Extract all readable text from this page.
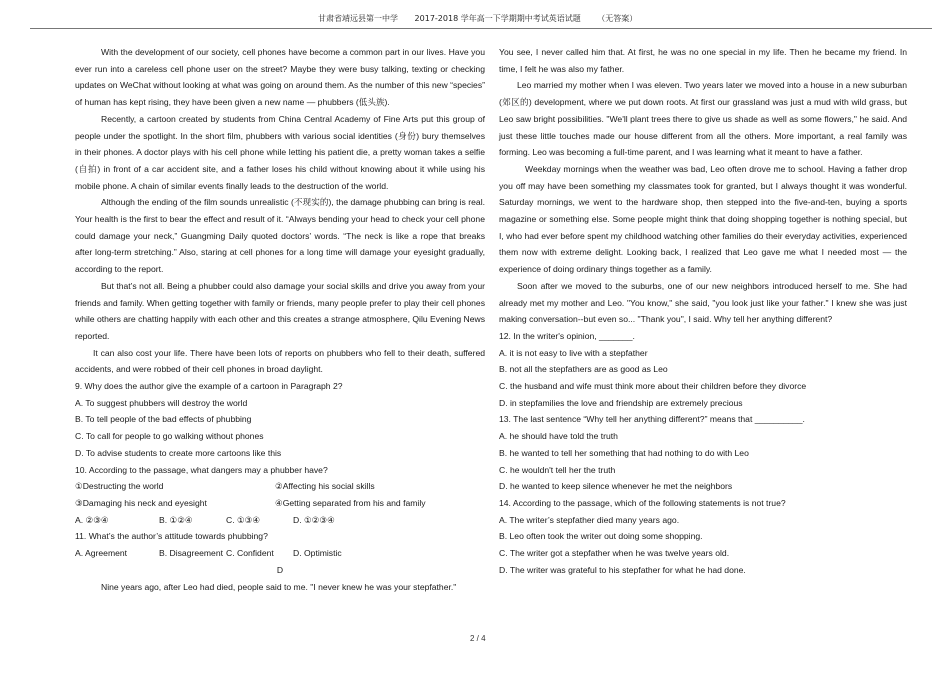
甘肃省靖远县第一中学 2017-2018 学年高一下学期期中考试英语试题 （无答案）

With the development of our society, cell phones have become a common part in our lives. Have you ever run into a careless cell phone user on the street? Maybe they were busy talking, texting or checking updates on WeChat without looking at what was going on around them. As the number of this new “species” of human has kept rising, they have been given a new name — phubbers (低头族).

Recently, a cartoon created by students from China Central Academy of Fine Arts put this group of people under the spotlight. In the short film, phubbers with various social identities (身份) bury themselves in their phones. A doctor plays with his cell phone while letting his patient die, a pretty woman takes a selfie (自拍) in front of a car accident site, and a father loses his child without knowing about it while using his mobile phone. A chain of similar events finally leads to the destruction of the world.

Although the ending of the film sounds unrealistic (不现实的), the damage phubbing can bring is real. Your health is the first to bear the effect and result of it. “Always bending your head to check your cell phone could damage your neck,” Guangming Daily quoted doctors’ words. “The neck is like a rope that breaks after long-term stretching.” Also, staring at cell phones for a long time will damage your eyesight gradually, according to the report.

But that’s not all. Being a phubber could also damage your social skills and drive you away from your friends and family. When getting together with family or friends, many people prefer to play their cell phones while others are chatting happily with each other and this creates a strange atmosphere, Qilu Evening News reported.

It can also cost your life. There have been lots of reports on phubbers who fell to their death, suffered accidents, and were robbed of their cell phones in broad daylight.

9. Why does the author give the example of a cartoon in Paragraph 2?

A. To suggest phubbers will destroy the world

B. To tell people of the bad effects of phubbing

C. To call for people to go walking without phones

D. To advise students to create more cartoons like this

10. According to the passage, what dangers may a phubber have?

①Destructing the world	②Affecting his social skills
③Damaging his neck and eyesight	④Getting separated from his and family
A. ②③④	B. ①②④	C. ①③④	D. ①②③④

11. What’s the author’s attitude towards phubbing?

A. Agreement	B. Disagreement C. Confident	D. Optimistic

D

Nine years ago, after Leo had died, people said to me. "I never knew he was your stepfather."

You see, I never called him that. At first, he was no one special in my life. Then he became my friend. In time, I felt he was also my father.

Leo married my mother when I was eleven. Two years later we moved into a house in a new suburban (郊区的) development, where we put down roots. At first our grassland was just a mud with wild grass, but Leo saw bright possibilities. "We'll plant trees there to give us shade as well as some flowers," he said. And just these little touches made our house different from all the others. More important, a real family was forming. Leo was becoming a full-time parent, and I was learning what it meant to have a father.

Weekday mornings when the weather was bad, Leo often drove me to school. Having a father drop you off may have been something my classmates took for granted, but I always thought it was wonderful. Saturday mornings, we went to the hardware shop, then stepped into the five-and-ten, buying a sports magazine or something else. Some people might think that doing shopping together is nothing special, but I, who had ever before spent my childhood watching other families do their everyday activities, experienced them now with extreme delight. Looking back, I realized that Leo gave me what I needed most — the experience of doing ordinary things together as a family.

Soon after we moved to the suburbs, one of our new neighbors introduced herself to me. She had already met my mother and Leo. "You know," she said, "you look just like your father." I knew she was just making conversation--but even so... "Thank you", I said. Why tell her anything different?

12. In the writer's opinion, _______.

A. it is not easy to live with a stepfather

B. not all the stepfathers are as good as Leo

C. the husband and wife must think more about their children before they divorce

D. in stepfamilies the love and friendship are extremely precious

13. The last sentence “Why tell her anything different?” means that __________.

A. he should have told the truth

B. he wanted to tell her something that had nothing to do with Leo

C. he wouldn't tell her the truth

D. he wanted to keep silence whenever he met the neighbors

14. According to the passage, which of the following statements is not true?

A. The writer’s stepfather died many years ago.

B. Leo often took the writer out doing some shopping.

C. The writer got a stepfather when he was twelve years old.

D. The writer was grateful to his stepfather for what he had done.

2 / 4
